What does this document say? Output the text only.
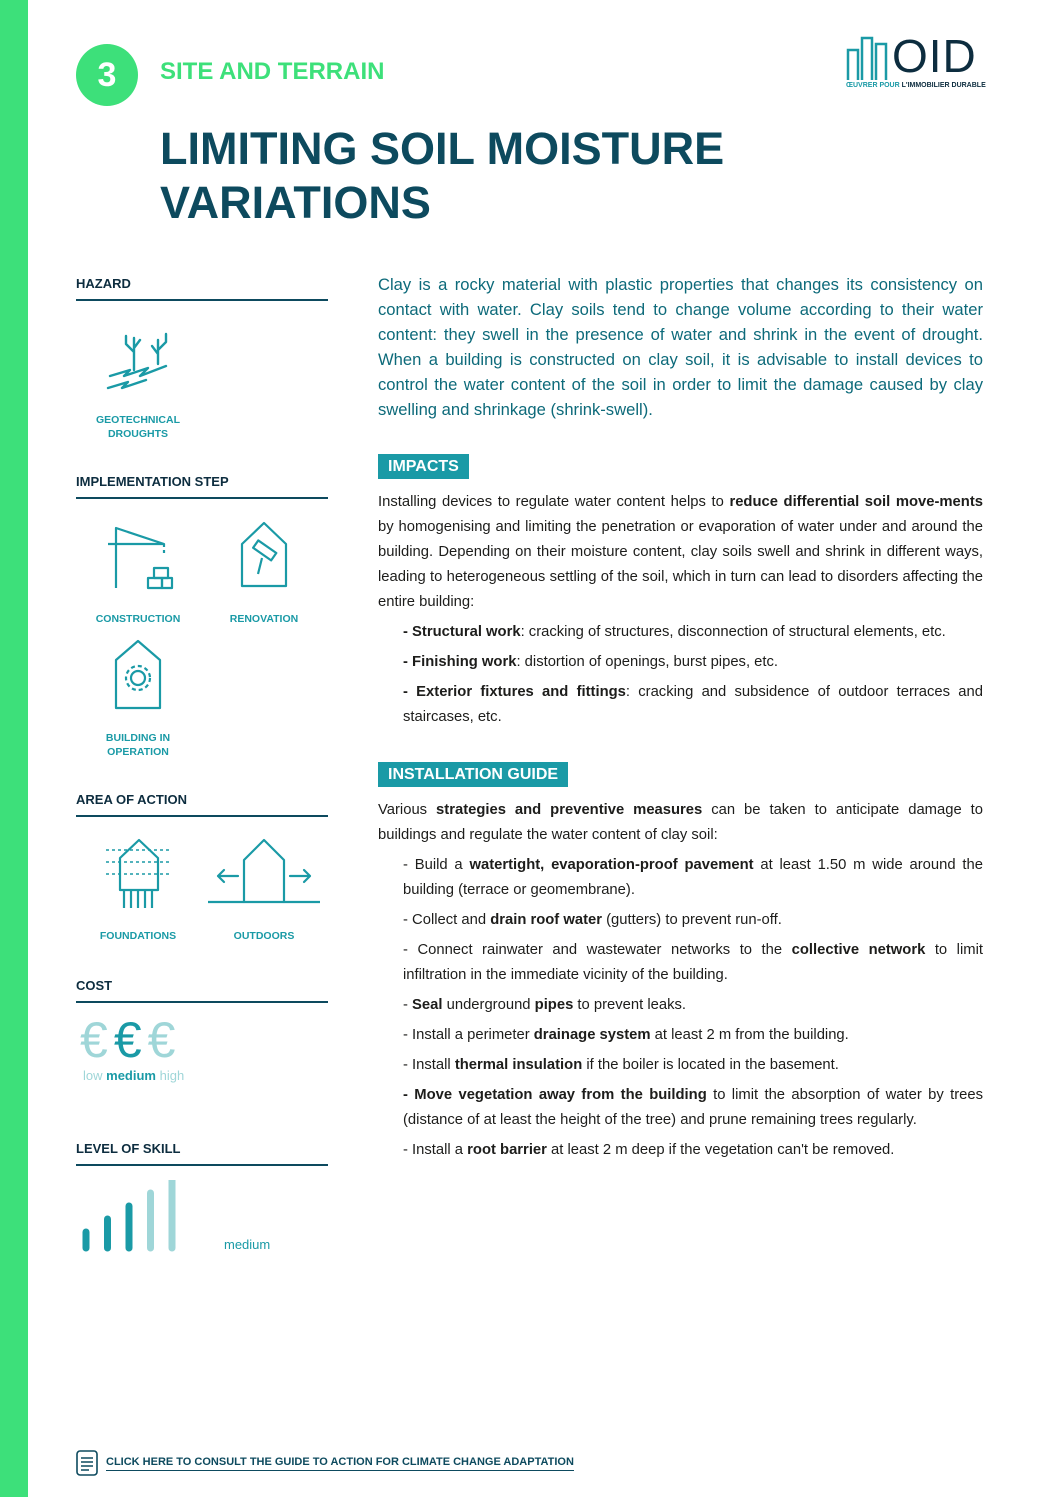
3	SITE AND TERRAIN	OID
ŒUVRER POUR L'IMMOBILIER DURABLE
LIMITING SOIL MOISTURE
VARIATIONS
HAZARD
GEOTECHNICAL
DROUGHTS
IMPLEMENTATION STEP
CONSTRUCTION	RENOVATION
BUILDING IN
OPERATION
AREA OF ACTION
FOUNDATIONS	OUTDOORS
COST
€ € €
low medium high
LEVEL OF SKILL
medium
Clay is a rocky material with plastic properties that changes its consistency on contact with water. Clay soils tend to change volume according to their water content: they swell in the presence of water and shrink in the event of drought. When a building is constructed on clay soil, it is advisable to install devices to control the water content of the soil in order to limit the damage caused by clay swelling and shrinkage (shrink-swell).
IMPACTS
Installing devices to regulate water content helps to reduce differential soil move-ments by homogenising and limiting the penetration or evaporation of water under and around the building. Depending on their moisture content, clay soils swell and shrink in different ways, leading to heterogeneous settling of the soil, which in turn can lead to disorders affecting the entire building:
- Structural work: cracking of structures, disconnection of structural elements, etc.
- Finishing work: distortion of openings, burst pipes, etc.
- Exterior fixtures and fittings: cracking and subsidence of outdoor terraces and staircases, etc.
INSTALLATION GUIDE
Various strategies and preventive measures can be taken to anticipate damage to buildings and regulate the water content of clay soil:
- Build a watertight, evaporation-proof pavement at least 1.50 m wide around the building (terrace or geomembrane).
- Collect and drain roof water (gutters) to prevent run-off.
- Connect rainwater and wastewater networks to the collective network to limit infiltration in the immediate vicinity of the building.
- Seal underground pipes to prevent leaks.
- Install a perimeter drainage system at least 2 m from the building.
- Install thermal insulation if the boiler is located in the basement.
- Move vegetation away from the building to limit the absorption of water by trees (distance of at least the height of the tree) and prune remaining trees regularly.
- Install a root barrier at least 2 m deep if the vegetation can't be removed.
CLICK HERE TO CONSULT THE GUIDE TO ACTION FOR CLIMATE CHANGE ADAPTATION
